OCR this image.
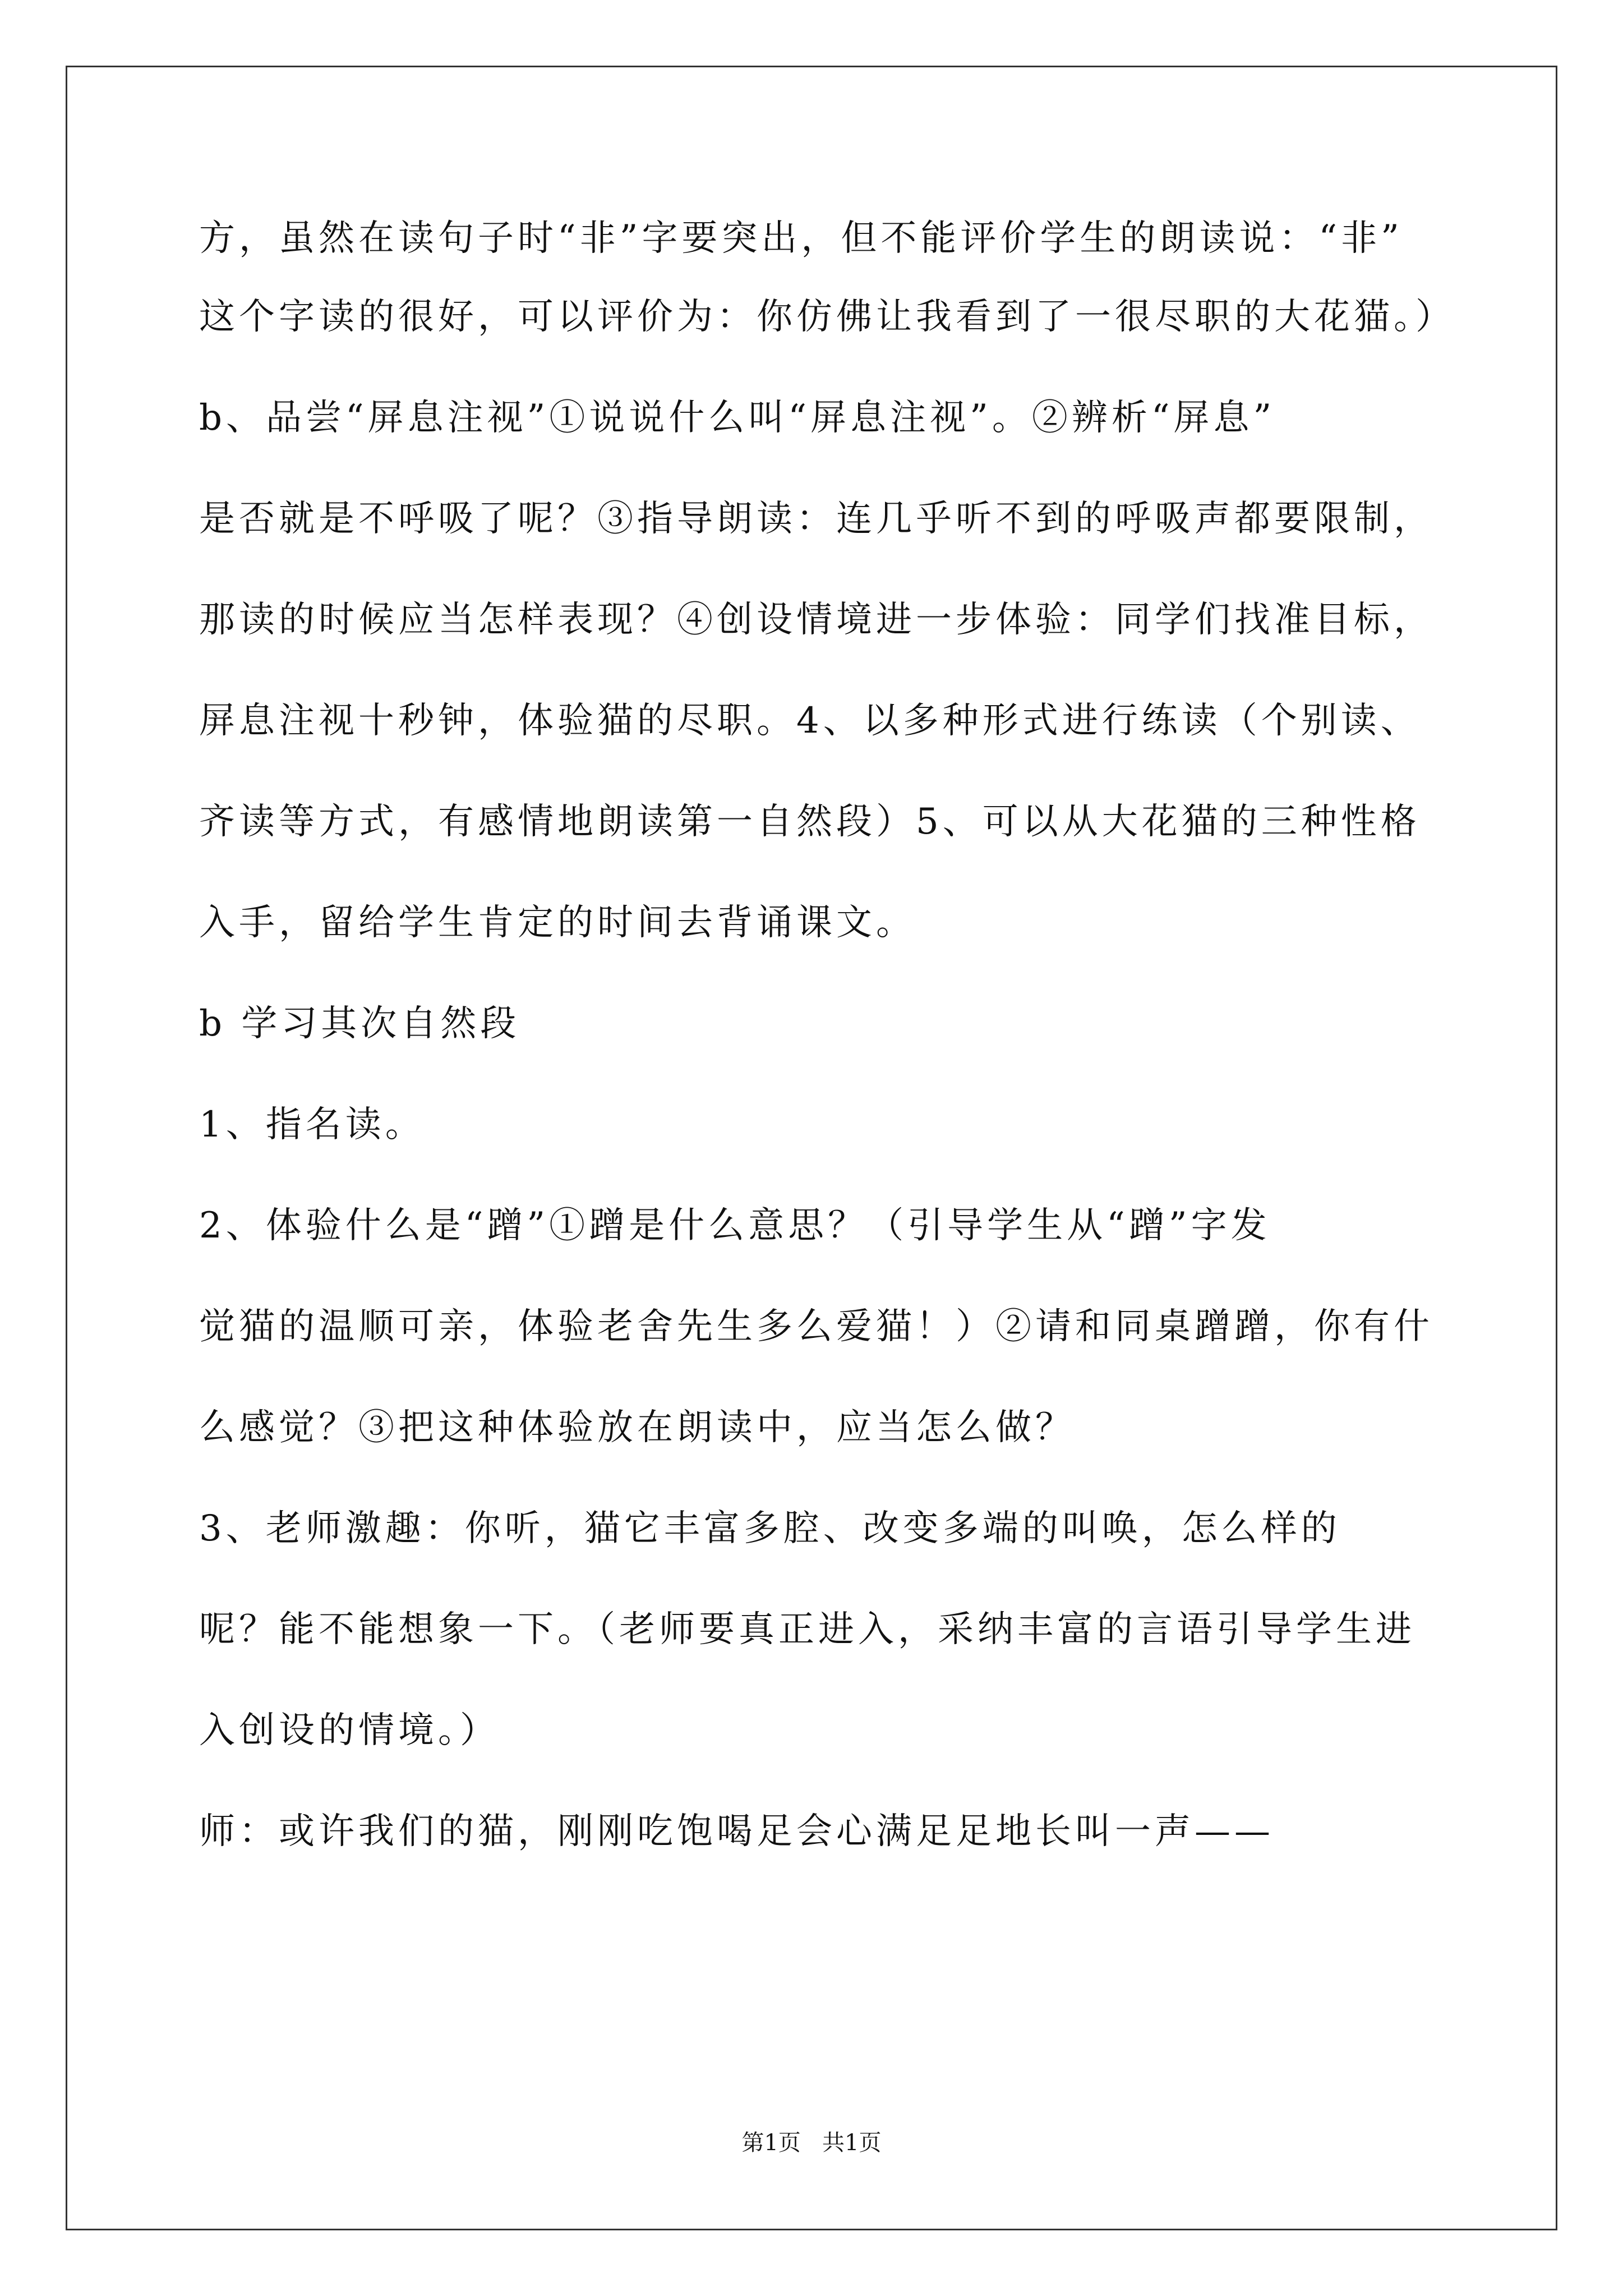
方，虽然在读句子时“非”字要突出，但不能评价学生的朗读说：“非”
这个字读的很好，可以评价为：你仿佛让我看到了一很尽职的大花猫。）
b、品尝“屏息注视”①说说什么叫“屏息注视”。②辨析“屏息”
是否就是不呼吸了呢？③指导朗读：连几乎听不到的呼吸声都要限制，
那读的时候应当怎样表现？④创设情境进一步体验：同学们找准目标，
屏息注视十秒钟，体验猫的尽职。4、以多种形式进行练读（个别读、
齐读等方式，有感情地朗读第一自然段）5、可以从大花猫的三种性格
入手，留给学生肯定的时间去背诵课文。
b 学习其次自然段
1、指名读。
2、体验什么是“蹭”①蹭是什么意思？（引导学生从“蹭”字发
觉猫的温顺可亲，体验老舍先生多么爱猫！）②请和同桌蹭蹭，你有什
么感觉？③把这种体验放在朗读中，应当怎么做？
3、老师激趣：你听，猫它丰富多腔、改变多端的叫唤，怎么样的
呢？能不能想象一下。（老师要真正进入，采纳丰富的言语引导学生进
入创设的情境。）
师：或许我们的猫，刚刚吃饱喝足会心满足足地长叫一声——
第1页   共1页
